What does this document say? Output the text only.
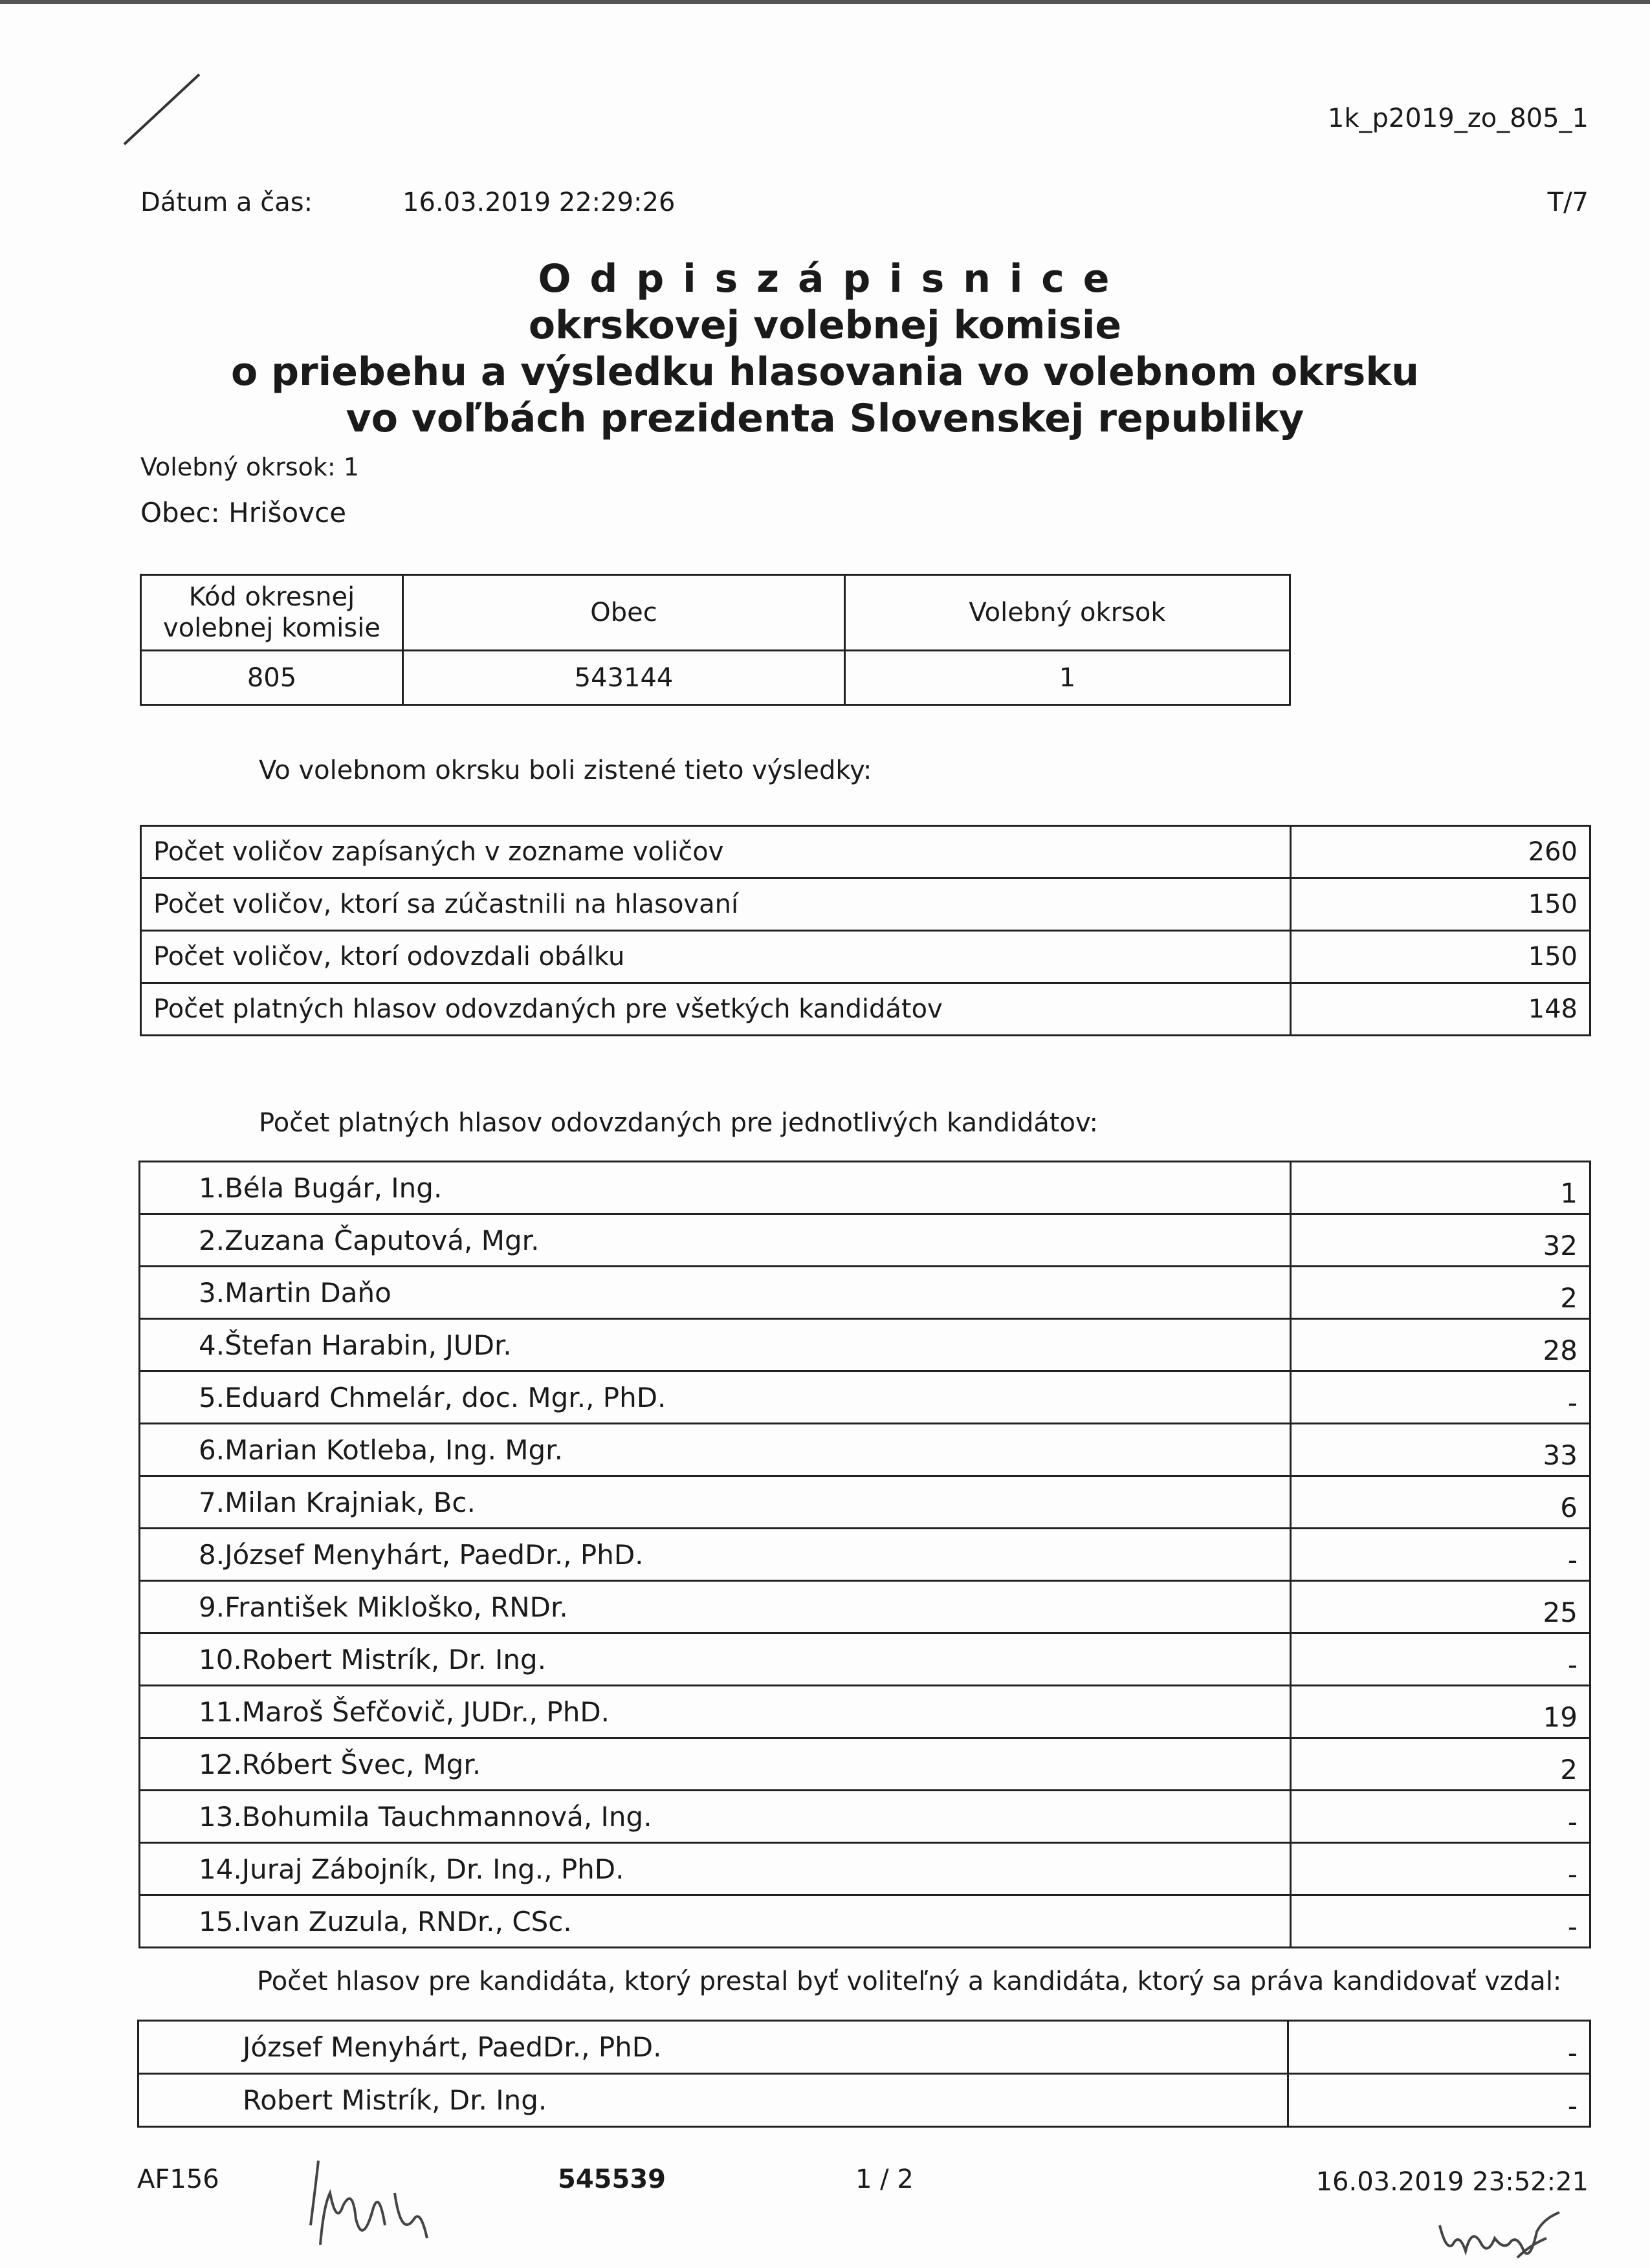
1k_p2019_zo_805_1
Dátum a čas:	16.03.2019 22:29:26	T/7
O d p i s z á p i s n i c e
okrskovej volebnej komisie
o priebehu a výsledku hlasovania vo volebnom okrsku
vo voľbách prezidenta Slovenskej republiky
Volebný okrsok: 1
Obec: Hrišovce
Kód okresnej volebnej komisie	Obec	Volebný okrsok
805	543144	1
Vo volebnom okrsku boli zistené tieto výsledky:
Počet voličov zapísaných v zozname voličov	260
Počet voličov, ktorí sa zúčastnili na hlasovaní	150
Počet voličov, ktorí odovzdali obálku	150
Počet platných hlasov odovzdaných pre všetkých kandidátov	148
Počet platných hlasov odovzdaných pre jednotlivých kandidátov:
1.Béla Bugár, Ing.	1
2.Zuzana Čaputová, Mgr.	32
3.Martin Daňo	2
4.Štefan Harabin, JUDr.	28
5.Eduard Chmelár, doc. Mgr., PhD.	-
6.Marian Kotleba, Ing. Mgr.	33
7.Milan Krajniak, Bc.	6
8.József Menyhárt, PaedDr., PhD.	-
9.František Mikloško, RNDr.	25
10.Robert Mistrík, Dr. Ing.	-
11.Maroš Šefčovič, JUDr., PhD.	19
12.Róbert Švec, Mgr.	2
13.Bohumila Tauchmannová, Ing.	-
14.Juraj Zábojník, Dr. Ing., PhD.	-
15.Ivan Zuzula, RNDr., CSc.	-
Počet hlasov pre kandidáta, ktorý prestal byť voliteľný a kandidáta, ktorý sa práva kandidovať vzdal:
József Menyhárt, PaedDr., PhD.	-
Robert Mistrík, Dr. Ing.	-
AF156	545539	1 / 2	16.03.2019 23:52:21
